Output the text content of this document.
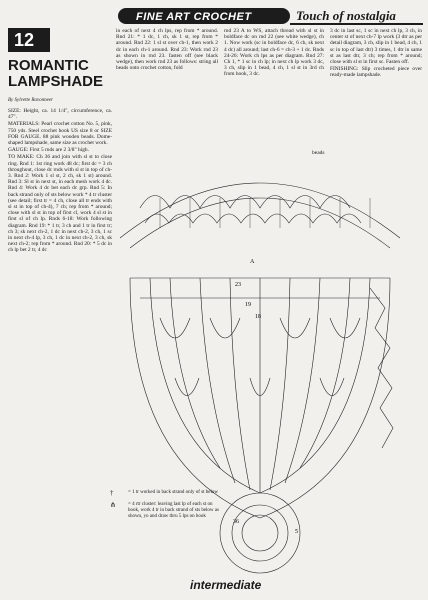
FINE ART CROCHET	Touch of nostalgia
12
ROMANTIC
LAMPSHADE
By Sylvette Ravonneer

SIZE: Height, ca. 14 1/4", circumference, ca. 47".

MATERIALS: Pearl crochet cotton No. 5, pink, 750 yds. Steel crochet hook US size 8 or SIZE FOR GAUGE. 88 pink wooden beads. Dome-shaped lampshade, same size as crochet work.

GAUGE: First 5 rnds are 2 3/8" high.

TO MAKE: Ch 36 and join with sl st to close ring. Rnd 1: 1st ring work 48 dc; first dc = 3 ch throughout, close dc rnds with sl st in top of ch-3. Rnd 2: Work 1 sl st, 2 ch, sk 1 st) around. Rnd 3: Sl st in next st, in each mesh work 4 dc. Rnd 4: Work 4 dc bet each dc grp. Rnd 5: In back strand only of sts below work * 4 tr cluster (see detail; first tr = 4 ch, close all tr ends with sl st in top of ch-4), 7 ch; rep from * around; close with sl st in top of first cl, work 4 sl st in first sl of ch lp. Rnds 6-18: Work following diagram. Rnd 19: * 1 tr, 3 ch and 1 tr in first tr; ch 3; sk next ch-2, 1 dc in next ch-2, 3 ch, 1 sc in next ch-4 lp, 3 ch, 1 dc in next ch-2, 3 ch, sk next ch-2; rep from * around. Rnd 20: * 5 dc in ch lp bet 2 tr, 4 dc

in each of next 4 ch lps, rep from * around. Rnd 21: * 1 dc, 1 ch, sk 1 st, rep from * around. Rnd 22: 1 sl st over ch-1, then work 2 dc in each ch-1 around. Rnd 23: Work rnd 23 as shown in rnd 23. fasten off (see black wedge), then work rnd 23 as follows: string all beads onto crochet cotton, fold

rnd 23 A to WS, attach thread with sl st in boldface dc on rnd 22 (see white wedge), ch 1. Now work (sc in boldface dc, 6 ch, sk next 4 dc) all around; last ch-6 = ch-3 + 1 dc. Rnds 24-26: Work ch lps as per diagram. Rnd 27: Ch 1, * 1 sc in ch lp; in next ch lp work 3 dc, 3 ch, slip in 1 bead, 4 ch, 1 sl st in 3rd ch from hook, 3 dc.

3 dc in last sc, 1 sc in next ch lp, 3 ch, in center st of next ch-7 lp work (3 dtr as per detail diagram, 3 ch, slip in 1 bead, 4 ch, 1 sc in top of last dtr) 3 times, 1 dtr in same st as last dtr, 3 ch; rep from * around; close with sl st in first sc. Fasten off.

FINISHING: Slip crocheted piece over ready-made lampshade.

A
23
19
18
36
5
beads
†	= 1 tr worked in back strand only of st below
⋔ = 4 rtr cluster: leaving last lp of each st on hook, work 4 tr in back strand of sts below as shown, yo and draw thru 5 lps on hook
intermediate
